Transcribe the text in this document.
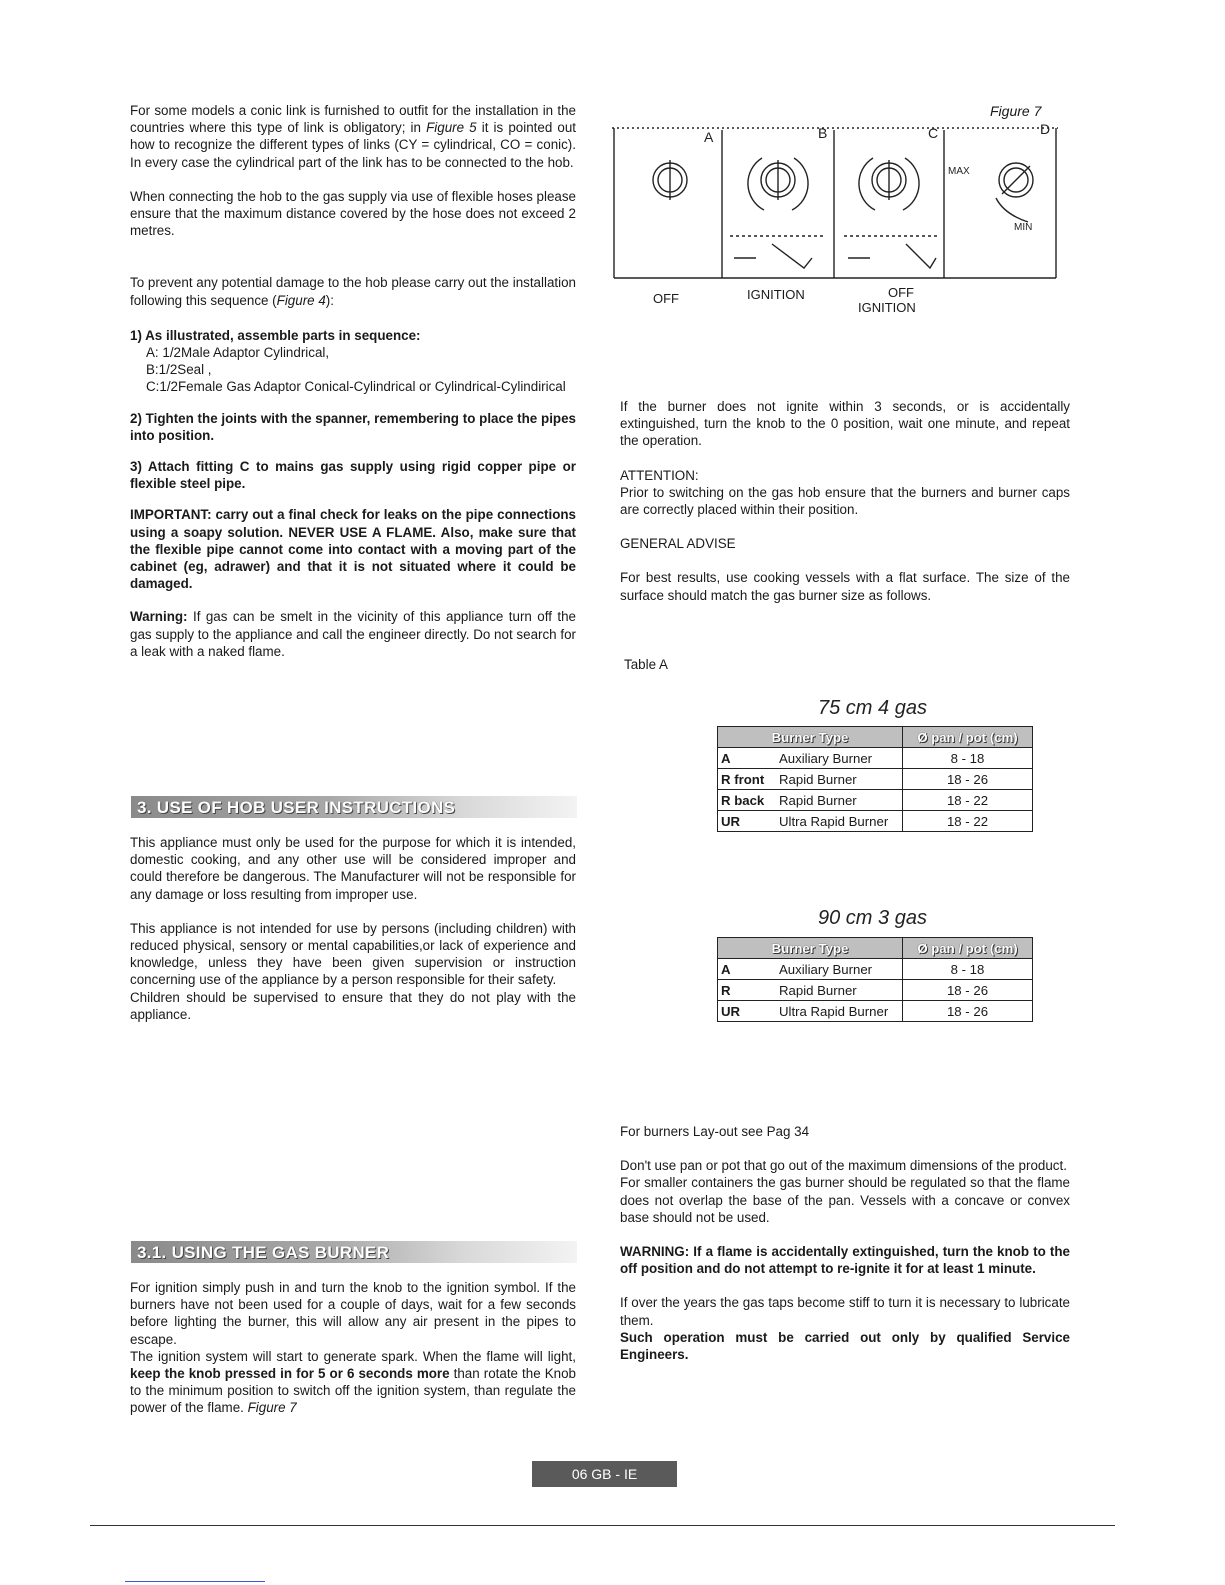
For some models a conic link is furnished to outfit for the installation in the countries where this type of link is obligatory; in Figure 5 it is pointed out how to recognize the different types of links (CY = cylindrical, CO = conic). In every case the cylindrical part of the link has to be connected to the hob.

When connecting the hob to the gas supply via use of flexible hoses please ensure that the maximum distance covered by the hose does not exceed 2 metres.

To prevent any potential damage to the hob please carry out the installation following this sequence (Figure 4):

1) As illustrated, assemble parts in sequence:

A: 1/2Male Adaptor Cylindrical,

B:1/2Seal ,

C:1/2Female Gas Adaptor Conical-Cylindrical or Cylindrical-Cylindirical

2) Tighten the joints with the spanner, remembering to place the pipes into position.

3) Attach fitting C to mains gas supply using rigid copper pipe or flexible steel pipe.

IMPORTANT: carry out a final check for leaks on the pipe connections using a soapy solution. NEVER USE A FLAME. Also, make sure that the flexible pipe cannot come into contact with a moving part of the cabinet (eg, adrawer) and that it is not situated where it could be damaged.

Warning: If gas can be smelt in the vicinity of this appliance turn off the gas supply to the appliance and call the engineer directly. Do not search for a leak with a naked flame.

3. USE OF HOB USER INSTRUCTIONS

This appliance must only be used for the purpose for which it is intended, domestic cooking, and any other use will be considered improper and could therefore be dangerous. The Manufacturer will not be responsible for any damage or loss resulting from improper use.

This appliance is not intended for use by persons (including children) with reduced physical, sensory or mental capabilities,or lack of experience and knowledge, unless they have been given supervision or instruction concerning use of the appliance by a person responsible for their safety.

Children should be supervised to ensure that they do not play with the appliance.

3.1. USING THE GAS BURNER

For ignition simply push in and turn the knob to the ignition symbol. If the burners have not been used for a couple of days, wait for a few seconds before lighting the burner, this will allow any air present in the pipes to escape.

The ignition system will start to generate spark. When the flame will light, keep the knob pressed in for 5 or 6 seconds more than rotate the Knob to the minimum position to switch off the ignition system, than regulate the power of the flame. Figure 7

Figure 7
A	B	C	D
MAX
MIN
OFF	IGNITION	OFF
IGNITION

If the burner does not ignite within 3 seconds, or is accidentally extinguished, turn the knob to the 0 position, wait one minute, and repeat the operation.

ATTENTION:

Prior to switching on the gas hob ensure that the burners and burner caps are correctly placed within their position.

GENERAL ADVISE

For best results, use cooking vessels with a flat surface. The size of the surface should match the gas burner size as follows.

Table A

75 cm 4 gas
Burner Type		Ø pan / pot (cm)
A	Auxiliary Burner	8 - 18
R front	Rapid Burner	18 - 26
R back	Rapid Burner	18 - 22
UR	Ultra Rapid Burner	18 - 22
90 cm 3 gas
Burner Type		Ø pan / pot (cm)
A	Auxiliary Burner	8 - 18
R	Rapid Burner	18 - 26
UR	Ultra Rapid Burner	18 - 26

For burners Lay-out see Pag 34

Don't use pan or pot that go out of the maximum dimensions of the product.

For smaller containers the gas burner should be regulated so that the flame does not overlap the base of the pan. Vessels with a concave or convex base should not be used.

WARNING: If a flame is accidentally extinguished, turn the knob to the off position and do not attempt to re-ignite it for at least 1 minute.

If over the years the gas taps become stiff to turn it is necessary to lubricate them.

Such operation must be carried out only by qualified Service Engineers.

06 GB - IE
